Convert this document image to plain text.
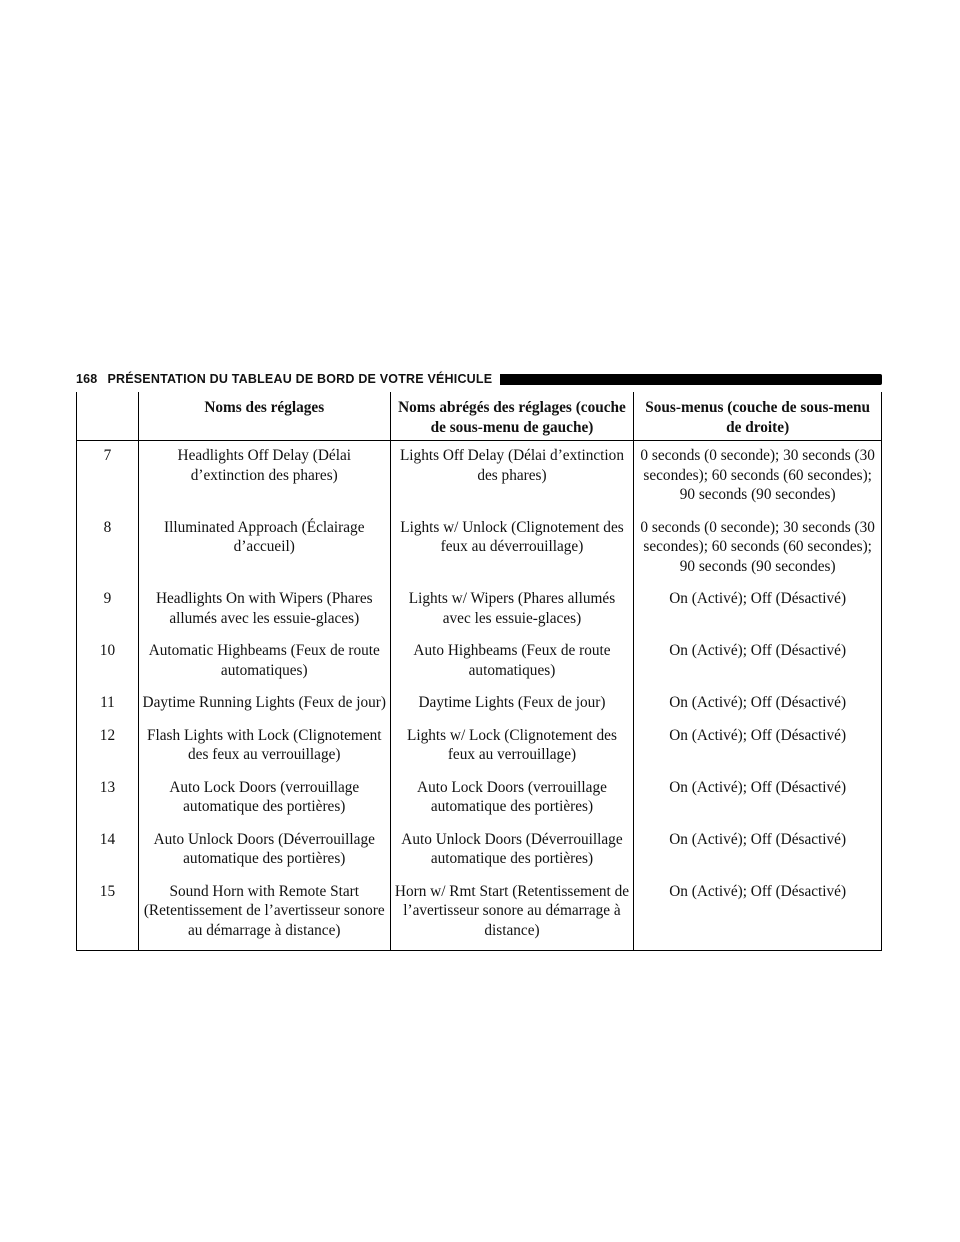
168 PRÉSENTATION DU TABLEAU DE BORD DE VOTRE VÉHICULE
	Noms des réglages	Noms abrégés des réglages (couche de sous-menu de gauche)	Sous-menus (couche de sous-menu de droite)
7	Headlights Off Delay (Délai d’extinction des phares)	Lights Off Delay (Délai d’extinction des phares)	0 seconds (0 seconde); 30 seconds (30 secondes); 60 seconds (60 secondes); 90 seconds (90 secondes)
8	Illuminated Approach (Éclairage d’accueil)	Lights w/ Unlock (Clignotement des feux au déverrouillage)	0 seconds (0 seconde); 30 seconds (30 secondes); 60 seconds (60 secondes); 90 seconds (90 secondes)
9	Headlights On with Wipers (Phares allumés avec les essuie-glaces)	Lights w/ Wipers (Phares allumés avec les essuie-glaces)	On (Activé); Off (Désactivé)
10	Automatic Highbeams (Feux de route automatiques)	Auto Highbeams (Feux de route automatiques)	On (Activé); Off (Désactivé)
11	Daytime Running Lights (Feux de jour)	Daytime Lights (Feux de jour)	On (Activé); Off (Désactivé)
12	Flash Lights with Lock (Clignotement des feux au verrouillage)	Lights w/ Lock (Clignotement des feux au verrouillage)	On (Activé); Off (Désactivé)
13	Auto Lock Doors (verrouillage automatique des portières)	Auto Lock Doors (verrouillage automatique des portières)	On (Activé); Off (Désactivé)
14	Auto Unlock Doors (Déverrouillage automatique des portières)	Auto Unlock Doors (Déverrouillage automatique des portières)	On (Activé); Off (Désactivé)
15	Sound Horn with Remote Start (Retentissement de l’avertisseur sonore au démarrage à distance)	Horn w/ Rmt Start (Retentissement de l’avertisseur sonore au démarrage à distance)	On (Activé); Off (Désactivé)
